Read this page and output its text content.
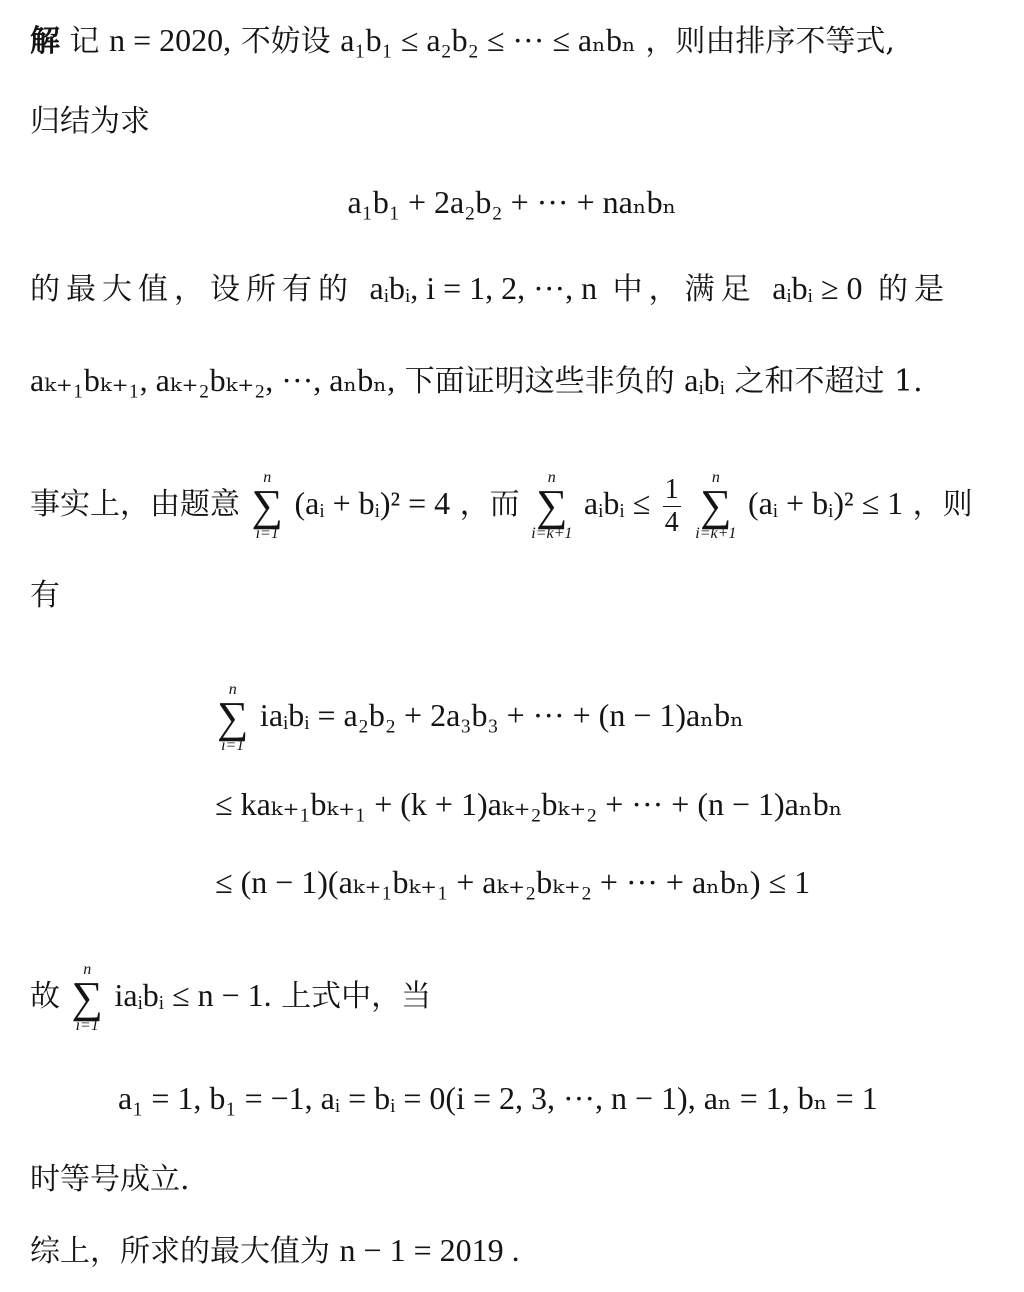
解 记 n = 2020, 不妨设 a₁b₁ ≤ a₂b₂ ≤ ··· ≤ aₙbₙ ，则由排序不等式,
归结为求
a₁b₁ + 2a₂b₂ + ··· + naₙbₙ
的最大值，设所有的 aᵢbᵢ, i = 1, 2, ···, n 中，满足 aᵢbᵢ ≥ 0 的是
aₖ₊₁bₖ₊₁, aₖ₊₂bₖ₊₂, ···, aₙbₙ, 下面证明这些非负的 aᵢbᵢ 之和不超过 1.
事实上，由题意
n
∑
i=1
(aᵢ + bᵢ)² = 4 ，而
n
∑
i=k+1
aᵢbᵢ ≤ $\frac{1}{4}$
n
∑
i=k+1
(aᵢ + bᵢ)² ≤ 1 ，则
有
n
∑
i=1
iaᵢbᵢ = a₂b₂ + 2a₃b₃ + ··· + (n − 1)aₙbₙ
≤ kaₖ₊₁bₖ₊₁ + (k + 1)aₖ₊₂bₖ₊₂ + ··· + (n − 1)aₙbₙ
≤ (n − 1)(aₖ₊₁bₖ₊₁ + aₖ₊₂bₖ₊₂ + ··· + aₙbₙ) ≤ 1
故
n
∑
i=1
iaᵢbᵢ ≤ n − 1. 上式中，当
a₁ = 1, b₁ = −1, aᵢ = bᵢ = 0(i = 2, 3, ···, n − 1), aₙ = 1, bₙ = 1
时等号成立.
综上，所求的最大值为 n − 1 = 2019 .
